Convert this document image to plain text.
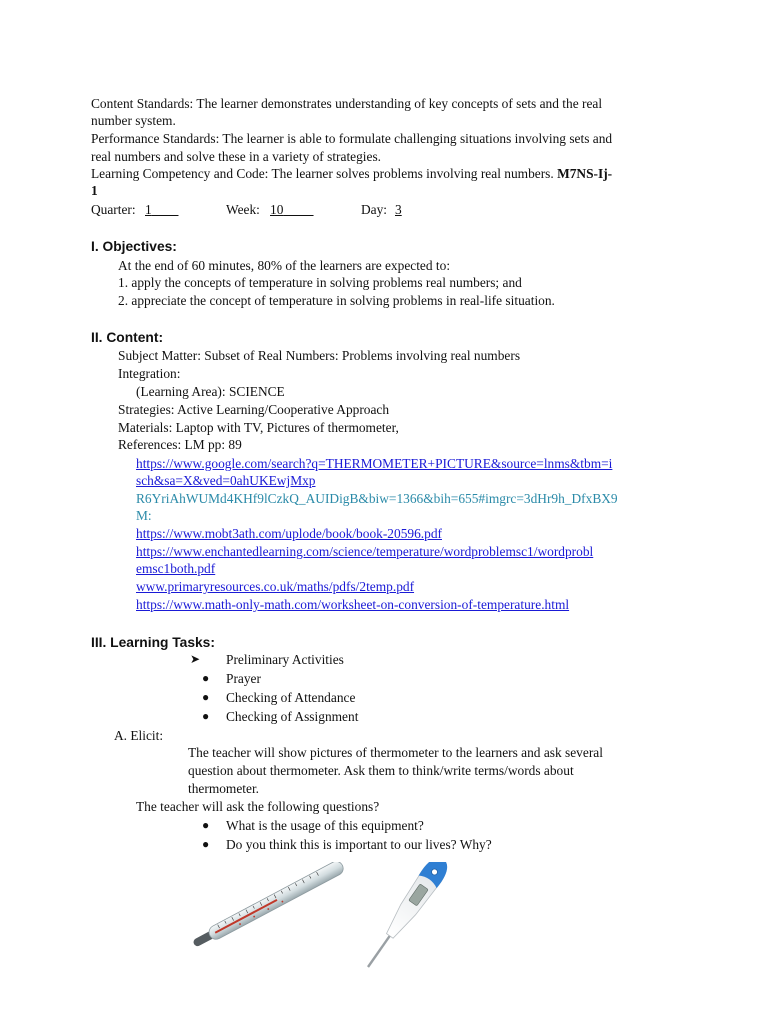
Content Standards: The learner demonstrates understanding of key concepts of sets and the real
number system.
Performance Standards: The learner is able to formulate challenging situations involving sets and
real numbers and solve these in a variety of strategies.
Learning Competency and Code: The learner solves problems involving real numbers. M7NS-Ij-
1
Quarter: 1	Week: 10	Day: 3
I. Objectives:
At the end of 60 minutes, 80% of the learners are expected to:
1. apply the concepts of temperature in solving problems real numbers; and
2. appreciate the concept of temperature in solving problems in real-life situation.
II. Content:
Subject Matter: Subset of Real Numbers: Problems involving real numbers
Integration:
(Learning Area): SCIENCE
Strategies: Active Learning/Cooperative Approach
Materials: Laptop with TV, Pictures of thermometer,
References: LM pp: 89
https://www.google.com/search?q=THERMOMETER+PICTURE&source=lnms&tbm=i
sch&sa=X&ved=0ahUKEwjMxp
R6YriAhWUMd4KHf9lCzkQ_AUIDigB&biw=1366&bih=655#imgrc=3dHr9h_DfxBX9
M:
https://www.mobt3ath.com/uplode/book/book-20596.pdf
https://www.enchantedlearning.com/science/temperature/wordproblemsc1/wordprobl
emsc1both.pdf
www.primaryresources.co.uk/maths/pdfs/2temp.pdf
https://www.math-only-math.com/worksheet-on-conversion-of-temperature.html
III. Learning Tasks:
➤ Preliminary Activities
● Prayer
● Checking of Attendance
● Checking of Assignment
A. Elicit:
The teacher will show pictures of thermometer to the learners and ask several
question about thermometer. Ask them to think/write terms/words about
thermometer.
The teacher will ask the following questions?
● What is the usage of this equipment?
● Do you think this is important to our lives? Why?
